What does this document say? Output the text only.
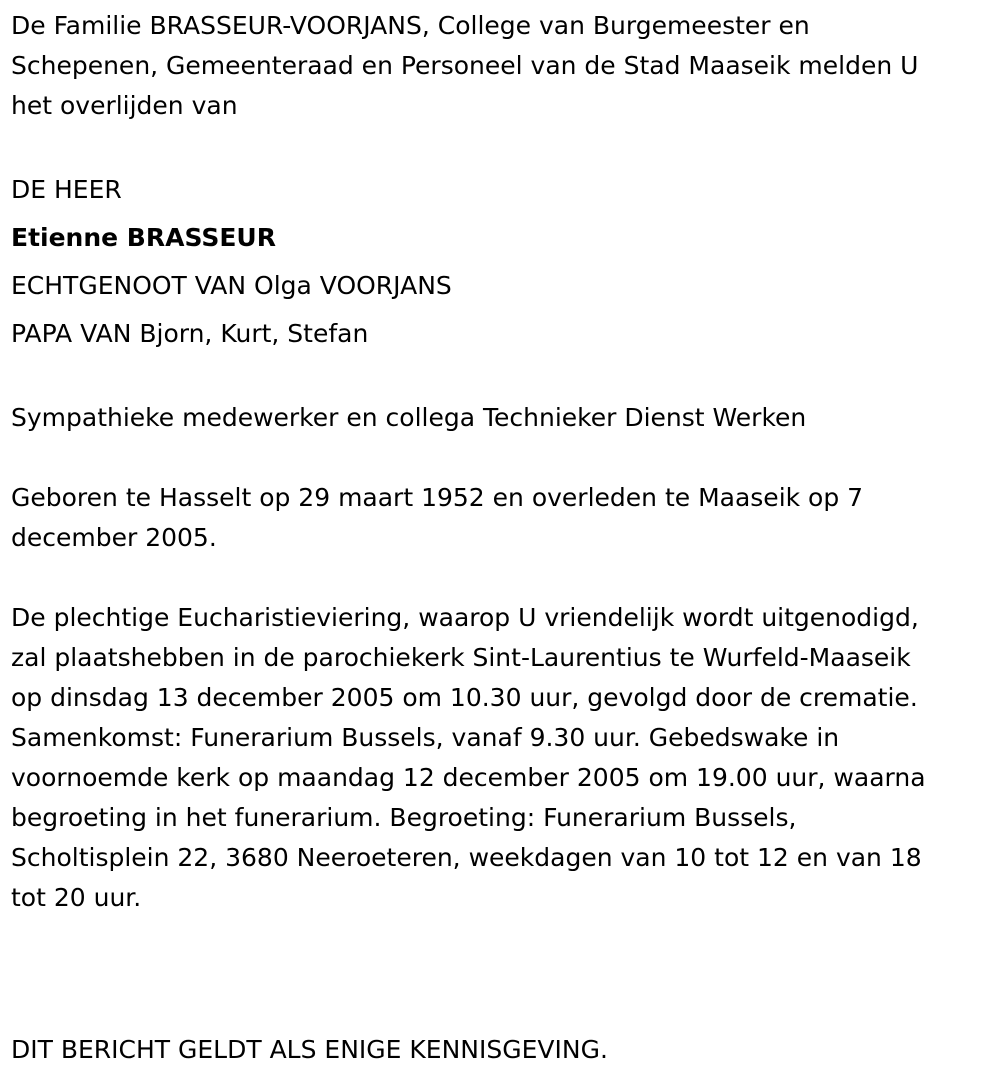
De Familie BRASSEUR-VOORJANS, College van Burgemeester en

Schepenen, Gemeenteraad en Personeel van de Stad Maaseik melden U

het overlijden van

DE HEER

Etienne BRASSEUR

ECHTGENOOT VAN Olga VOORJANS

PAPA VAN Bjorn, Kurt, Stefan

Sympathieke medewerker en collega Technieker Dienst Werken

Geboren te Hasselt op 29 maart 1952 en overleden te Maaseik op 7

december 2005.

De plechtige Eucharistieviering, waarop U vriendelijk wordt uitgenodigd,

zal plaatshebben in de parochiekerk Sint-Laurentius te Wurfeld-Maaseik

op dinsdag 13 december 2005 om 10.30 uur, gevolgd door de crematie.

Samenkomst: Funerarium Bussels, vanaf 9.30 uur. Gebedswake in

voornoemde kerk op maandag 12 december 2005 om 19.00 uur, waarna

begroeting in het funerarium. Begroeting: Funerarium Bussels,

Scholtisplein 22, 3680 Neeroeteren, weekdagen van 10 tot 12 en van 18

tot 20 uur.

DIT BERICHT GELDT ALS ENIGE KENNISGEVING.
